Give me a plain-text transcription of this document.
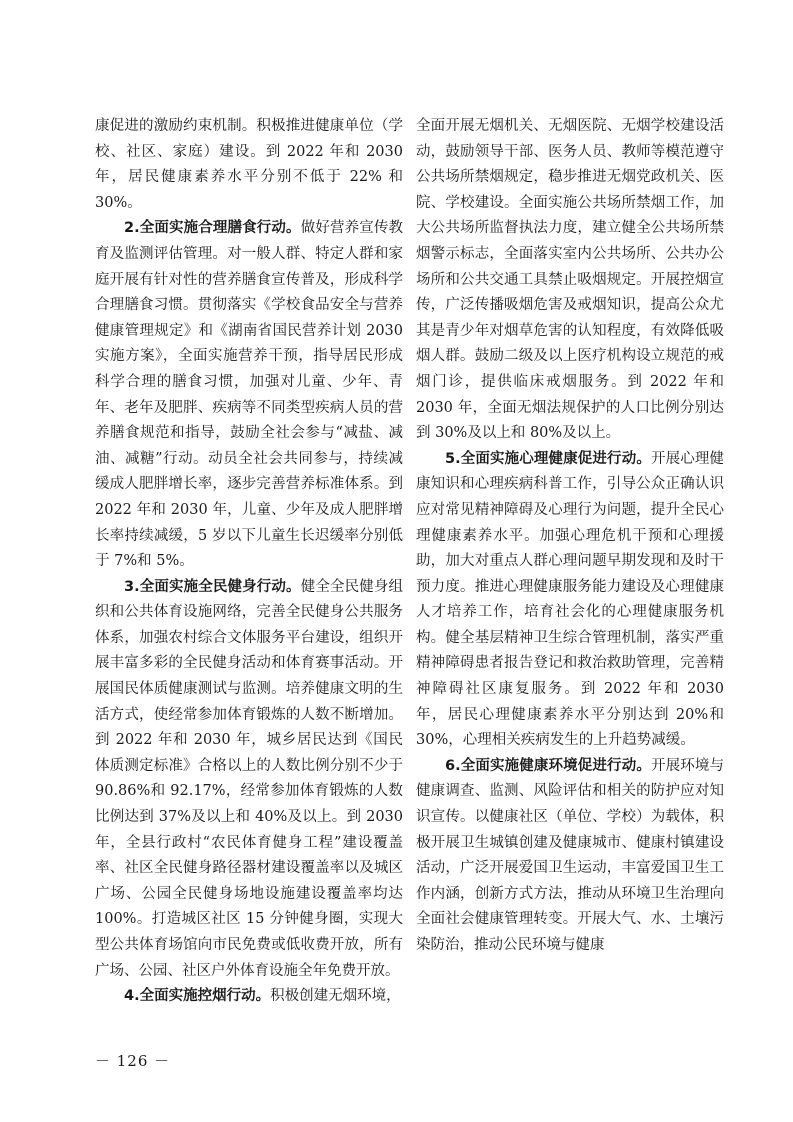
康促进的激励约束机制。积极推进健康单位（学校、社区、家庭）建设。到 2022 年和 2030 年，居民健康素养水平分别不低于 22% 和 30%。

2.全面实施合理膳食行动。做好营养宣传教育及监测评估管理。对一般人群、特定人群和家庭开展有针对性的营养膳食宣传普及，形成科学合理膳食习惯。贯彻落实《学校食品安全与营养健康管理规定》和《湖南省国民营养计划 2030 实施方案》，全面实施营养干预，指导居民形成科学合理的膳食习惯，加强对儿童、少年、青年、老年及肥胖、疾病等不同类型疾病人员的营养膳食规范和指导，鼓励全社会参与“减盐、减油、减糖”行动。动员全社会共同参与，持续减缓成人肥胖增长率，逐步完善营养标准体系。到 2022 年和 2030 年，儿童、少年及成人肥胖增长率持续减缓，5 岁以下儿童生长迟缓率分别低于 7%和 5%。

3.全面实施全民健身行动。健全全民健身组织和公共体育设施网络，完善全民健身公共服务体系，加强农村综合文体服务平台建设，组织开展丰富多彩的全民健身活动和体育赛事活动。开展国民体质健康测试与监测。培养健康文明的生活方式，使经常参加体育锻炼的人数不断增加。到 2022 年和 2030 年，城乡居民达到《国民体质测定标准》合格以上的人数比例分别不少于 90.86%和 92.17%，经常参加体育锻炼的人数比例达到 37%及以上和 40%及以上。到 2030 年，全县行政村“农民体育健身工程”建设覆盖率、社区全民健身路径器材建设覆盖率以及城区广场、公园全民健身场地设施建设覆盖率均达 100%。打造城区社区 15 分钟健身圈，实现大型公共体育场馆向市民免费或低收费开放，所有广场、公园、社区户外体育设施全年免费开放。

4.全面实施控烟行动。积极创建无烟环境，

全面开展无烟机关、无烟医院、无烟学校建设活动，鼓励领导干部、医务人员、教师等模范遵守公共场所禁烟规定，稳步推进无烟党政机关、医院、学校建设。全面实施公共场所禁烟工作，加大公共场所监督执法力度，建立健全公共场所禁烟警示标志，全面落实室内公共场所、公共办公场所和公共交通工具禁止吸烟规定。开展控烟宣传，广泛传播吸烟危害及戒烟知识，提高公众尤其是青少年对烟草危害的认知程度，有效降低吸烟人群。鼓励二级及以上医疗机构设立规范的戒烟门诊，提供临床戒烟服务。到 2022 年和 2030 年，全面无烟法规保护的人口比例分别达到 30%及以上和 80%及以上。

5.全面实施心理健康促进行动。开展心理健康知识和心理疾病科普工作，引导公众正确认识应对常见精神障碍及心理行为问题，提升全民心理健康素养水平。加强心理危机干预和心理援助，加大对重点人群心理问题早期发现和及时干预力度。推进心理健康服务能力建设及心理健康人才培养工作，培育社会化的心理健康服务机构。健全基层精神卫生综合管理机制，落实严重精神障碍患者报告登记和救治救助管理，完善精神障碍社区康复服务。到 2022 年和 2030 年，居民心理健康素养水平分别达到 20%和 30%，心理相关疾病发生的上升趋势减缓。

6.全面实施健康环境促进行动。开展环境与健康调查、监测、风险评估和相关的防护应对知识宣传。以健康社区（单位、学校）为载体，积极开展卫生城镇创建及健康城市、健康村镇建设活动，广泛开展爱国卫生运动，丰富爱国卫生工作内涵，创新方式方法，推动从环境卫生治理向全面社会健康管理转变。开展大气、水、土壤污染防治，推动公民环境与健康

－ 126 －
